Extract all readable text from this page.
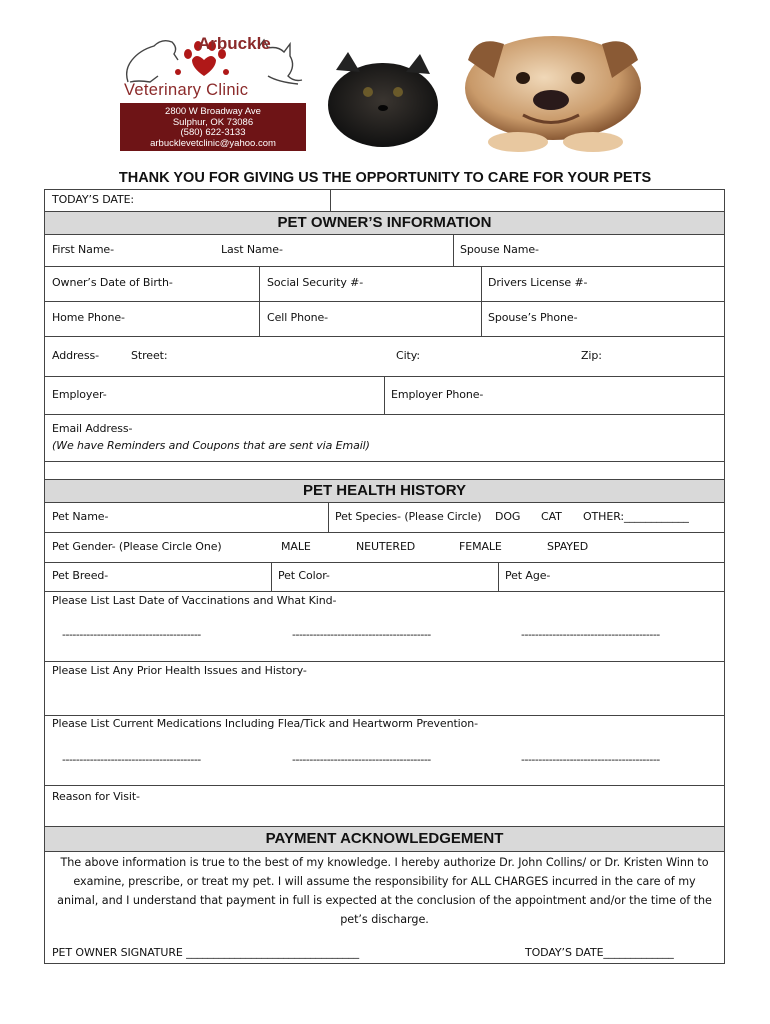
Arbuckle
Veterinary Clinic
2800 W Broadway Ave
Sulphur, OK 73086
(580) 622-3133
arbucklevetclinic@yahoo.com
THANK YOU FOR GIVING US THE OPPORTUNITY TO CARE FOR YOUR PETS
TODAY’S DATE:
PET OWNER’S INFORMATION
First Name-	Last Name-	Spouse Name-
Owner’s Date of Birth-	Social Security #-	Drivers License #-
Home Phone-	Cell Phone-	Spouse’s Phone-
Address-	Street:	City:	Zip:
Employer-	Employer Phone-
Email Address-
(We have Reminders and Coupons that are sent via Email)
PET HEALTH HISTORY
Pet Name-	Pet Species- (Please Circle) DOG CAT OTHER:____________
Pet Gender- (Please Circle One)	MALE	NEUTERED	FEMALE	SPAYED
Pet Breed-	Pet Color-	Pet Age-
Please List Last Date of Vaccinations and What Kind-
----------------------------------------	----------------------------------------	----------------------------------------
Please List Any Prior Health Issues and History-
Please List Current Medications Including Flea/Tick and Heartworm Prevention-
----------------------------------------	----------------------------------------	----------------------------------------
Reason for Visit-
PAYMENT ACKNOWLEDGEMENT
The above information is true to the best of my knowledge. I hereby authorize Dr. John Collins/ or Dr. Kristen Winn to examine, prescribe, or treat my pet. I will assume the responsibility for ALL CHARGES incurred in the care of my animal, and I understand that payment in full is expected at the conclusion of the appointment and/or the time of the pet’s discharge.
PET OWNER SIGNATURE ________________________________	TODAY’S DATE_____________
